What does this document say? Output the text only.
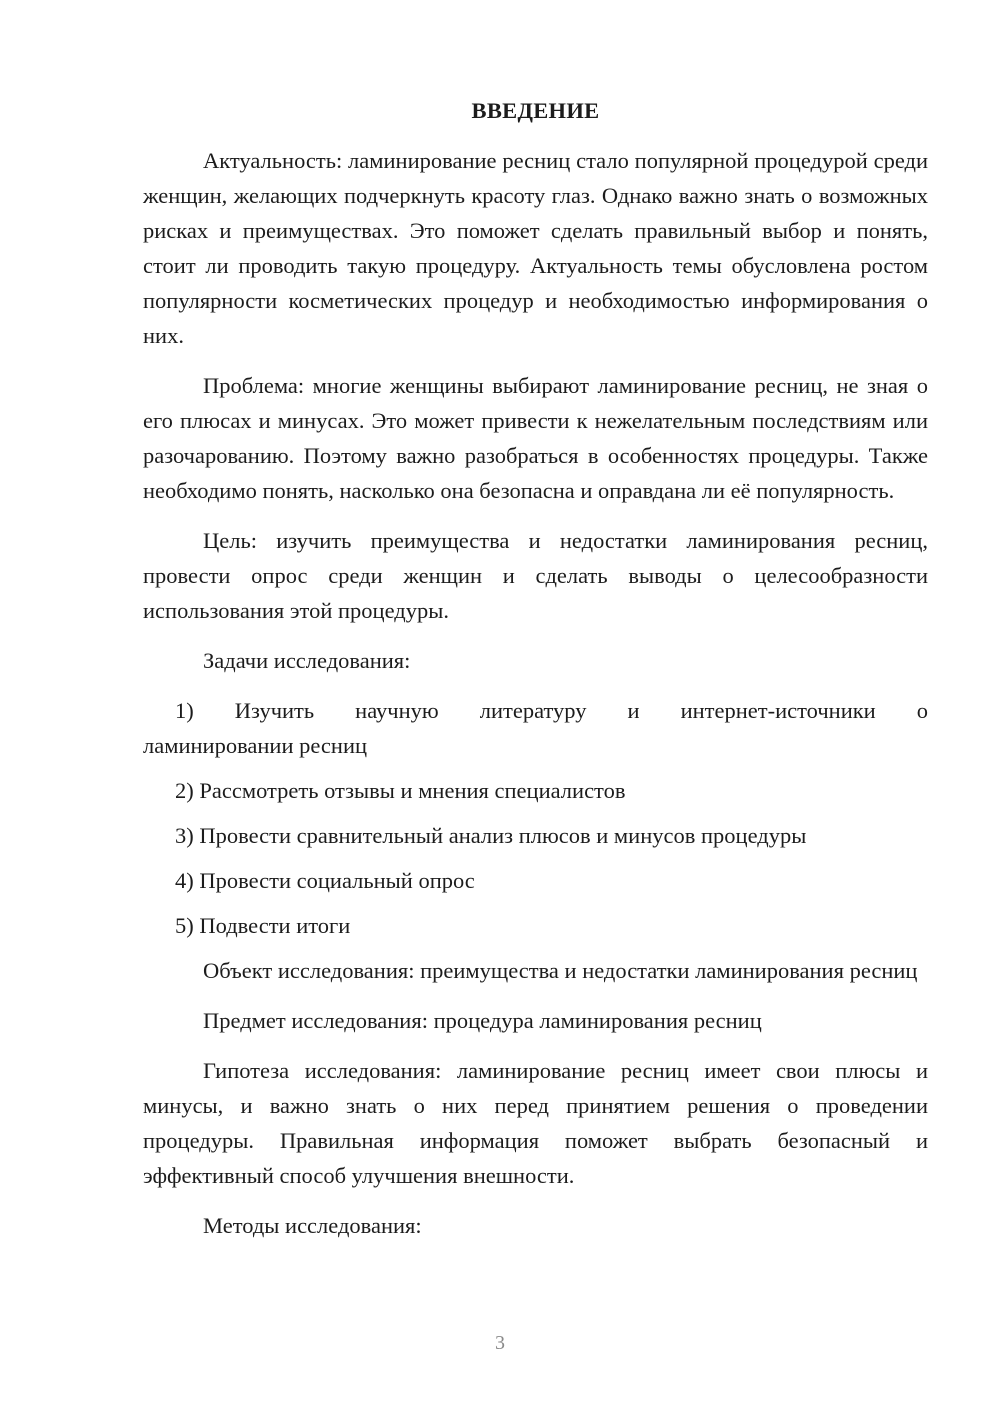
ВВЕДЕНИЕ

Актуальность: ламинирование ресниц стало популярной процедурой среди женщин, желающих подчеркнуть красоту глаз. Однако важно знать о возможных рисках и преимуществах. Это поможет сделать правильный выбор и понять, стоит ли проводить такую процедуру. Актуальность темы обусловлена ростом популярности косметических процедур и необходимостью информирования о них.

Проблема: многие женщины выбирают ламинирование ресниц, не зная о его плюсах и минусах. Это может привести к нежелательным последствиям или разочарованию. Поэтому важно разобраться в особенностях процедуры. Также необходимо понять, насколько она безопасна и оправдана ли её популярность.

Цель: изучить преимущества и недостатки ламинирования ресниц, провести опрос среди женщин и сделать выводы о целесообразности использования этой процедуры.

Задачи исследования:

1) Изучить научную литературу и интернет-источники о
ламинировании ресниц
2) Рассмотреть отзывы и мнения специалистов
3) Провести сравнительный анализ плюсов и минусов процедуры
4) Провести социальный опрос
5) Подвести итоги

Объект исследования: преимущества и недостатки ламинирования ресниц

Предмет исследования: процедура ламинирования ресниц

Гипотеза исследования: ламинирование ресниц имеет свои плюсы и минусы, и важно знать о них перед принятием решения о проведении процедуры. Правильная информация поможет выбрать безопасный и эффективный способ улучшения внешности.

Методы исследования:

3
